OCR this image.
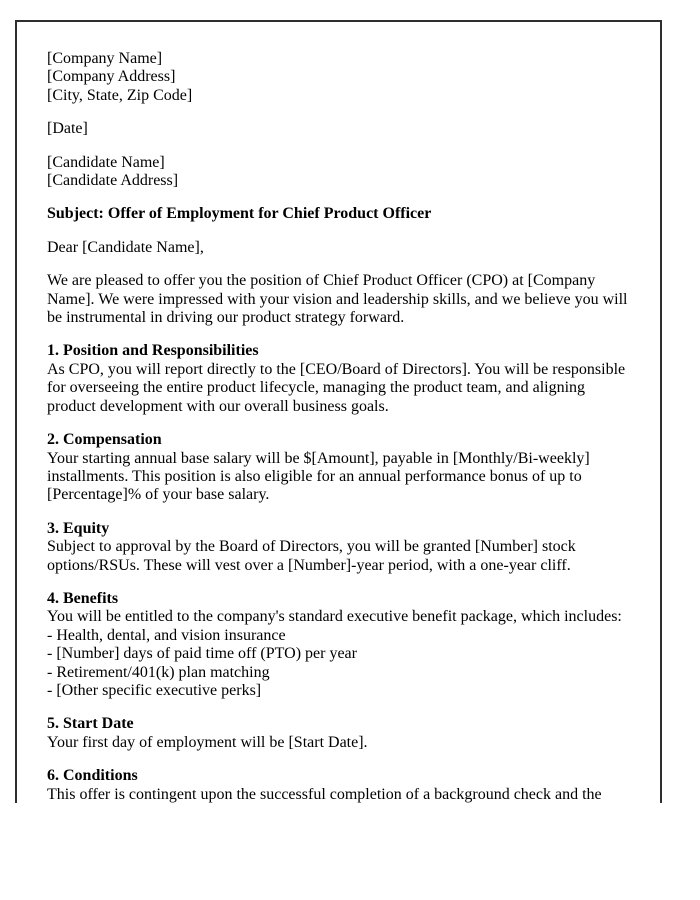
[Company Name]
[Company Address]
[City, State, Zip Code]

[Date]

[Candidate Name]
[Candidate Address]

Subject: Offer of Employment for Chief Product Officer

Dear [Candidate Name],

We are pleased to offer you the position of Chief Product Officer (CPO) at [Company Name]. We were impressed with your vision and leadership skills, and we believe you will be instrumental in driving our product strategy forward.

1. Position and Responsibilities
As CPO, you will report directly to the [CEO/Board of Directors]. You will be responsible for overseeing the entire product lifecycle, managing the product team, and aligning product development with our overall business goals.

2. Compensation
Your starting annual base salary will be $[Amount], payable in [Monthly/Bi-weekly] installments. This position is also eligible for an annual performance bonus of up to [Percentage]% of your base salary.

3. Equity
Subject to approval by the Board of Directors, you will be granted [Number] stock options/RSUs. These will vest over a [Number]-year period, with a one-year cliff.

4. Benefits
You will be entitled to the company's standard executive benefit package, which includes:
- Health, dental, and vision insurance
- [Number] days of paid time off (PTO) per year
- Retirement/401(k) plan matching
- [Other specific executive perks]

5. Start Date
Your first day of employment will be [Start Date].

6. Conditions
This offer is contingent upon the successful completion of a background check and the
